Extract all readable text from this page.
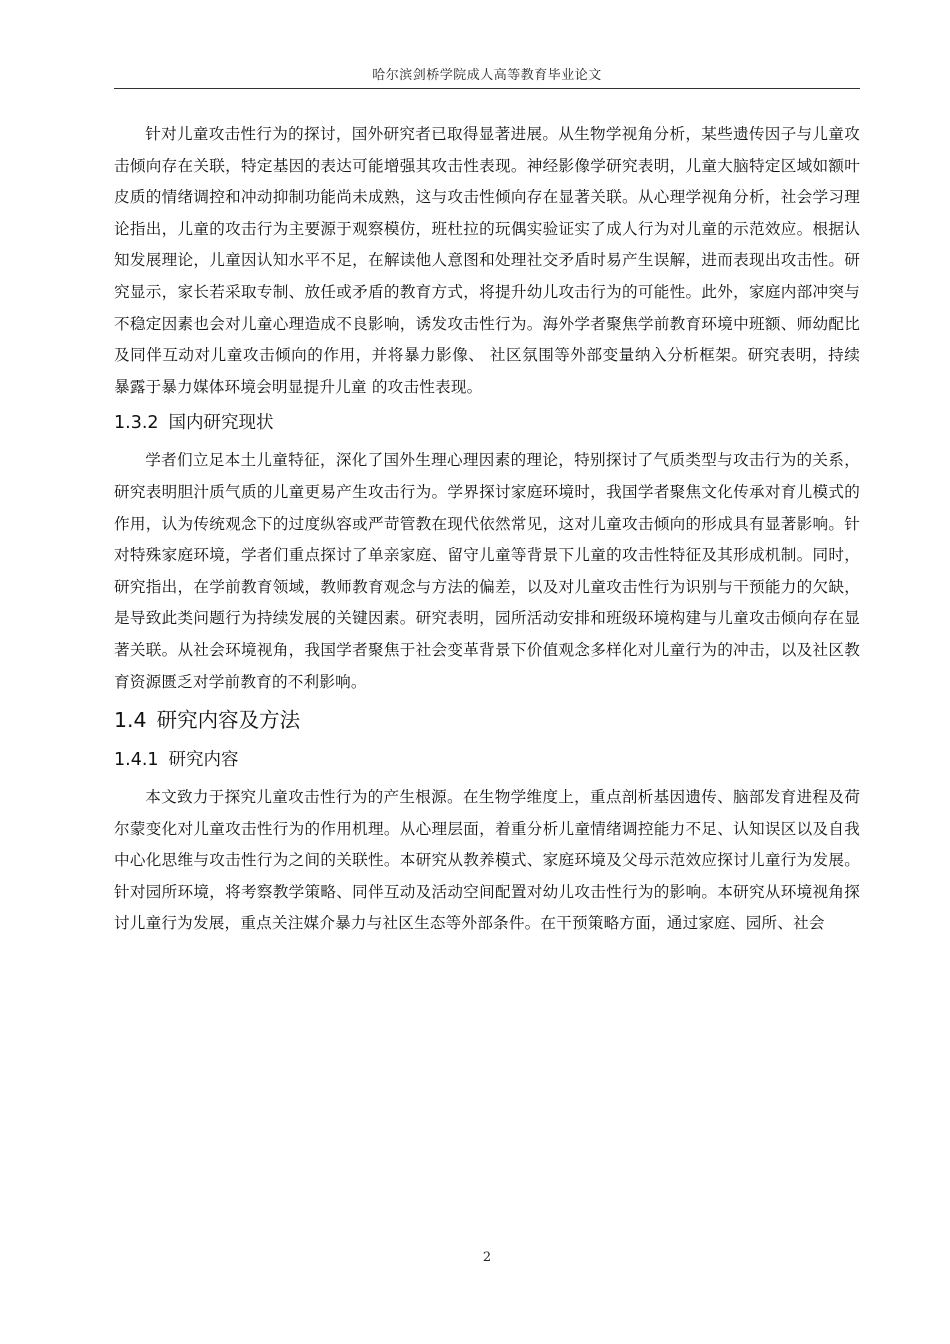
哈尔滨剑桥学院成人高等教育毕业论文

针对儿童攻击性行为的探讨，国外研究者已取得显著进展。从生物学视角分析，某些遗传因子与儿童攻击倾向存在关联，特定基因的表达可能增强其攻击性表现。神经影像学研究表明，儿童大脑特定区域如额叶皮质的情绪调控和冲动抑制功能尚未成熟，这与攻击性倾向存在显著关联。从心理学视角分析，社会学习理论指出，儿童的攻击行为主要源于观察模仿，班杜拉的玩偶实验证实了成人行为对儿童的示范效应。根据认知发展理论，儿童因认知水平不足，在解读他人意图和处理社交矛盾时易产生误解，进而表现出攻击性。研究显示，家长若采取专制、放任或矛盾的教育方式，将提升幼儿攻击行为的可能性。此外，家庭内部冲突与不稳定因素也会对儿童心理造成不良影响，诱发攻击性行为。海外学者聚焦学前教育环境中班额、师幼配比及同伴互动对儿童攻击倾向的作用，并将暴力影像、 社区氛围等外部变量纳入分析框架。研究表明，持续暴露于暴力媒体环境会明显提升儿童 的攻击性表现。

1.3.2 国内研究现状

学者们立足本土儿童特征，深化了国外生理心理因素的理论，特别探讨了气质类型与攻击行为的关系，研究表明胆汁质气质的儿童更易产生攻击行为。学界探讨家庭环境时，我国学者聚焦文化传承对育儿模式的作用，认为传统观念下的过度纵容或严苛管教在现代依然常见，这对儿童攻击倾向的形成具有显著影响。针对特殊家庭环境，学者们重点探讨了单亲家庭、留守儿童等背景下儿童的攻击性特征及其形成机制。同时，研究指出，在学前教育领域，教师教育观念与方法的偏差，以及对儿童攻击性行为识别与干预能力的欠缺，是导致此类问题行为持续发展的关键因素。研究表明，园所活动安排和班级环境构建与儿童攻击倾向存在显著关联。从社会环境视角，我国学者聚焦于社会变革背景下价值观念多样化对儿童行为的冲击，以及社区教育资源匮乏对学前教育的不利影响。

1.4 研究内容及方法
1.4.1 研究内容

本文致力于探究儿童攻击性行为的产生根源。在生物学维度上，重点剖析基因遗传、脑部发育进程及荷尔蒙变化对儿童攻击性行为的作用机理。从心理层面，着重分析儿童情绪调控能力不足、认知误区以及自我中心化思维与攻击性行为之间的关联性。本研究从教养模式、家庭环境及父母示范效应探讨儿童行为发展。针对园所环境，将考察教学策略、同伴互动及活动空间配置对幼儿攻击性行为的影响。本研究从环境视角探讨儿童行为发展，重点关注媒介暴力与社区生态等外部条件。在干预策略方面，通过家庭、园所、社会

2
